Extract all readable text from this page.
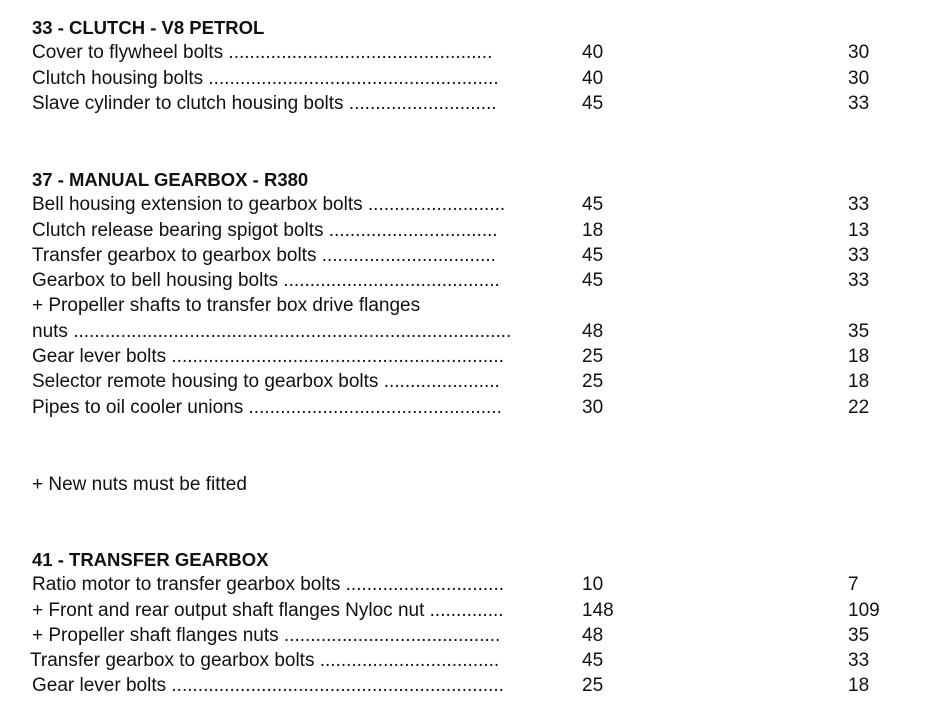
33 - CLUTCH - V8 PETROL
Cover to flywheel bolts ..................................................	40	30
Clutch housing bolts .......................................................	40	30
Slave cylinder to clutch housing bolts ............................	45	33
37 - MANUAL GEARBOX - R380
Bell housing extension to gearbox bolts ..........................	45	33
Clutch release bearing spigot bolts ................................	18	13
Transfer gearbox to gearbox bolts .................................	45	33
Gearbox to bell housing bolts .........................................	45	33
+ Propeller shafts to transfer box drive flanges
nuts ...................................................................................	48	35
Gear lever bolts ...............................................................	25	18
Selector remote housing to gearbox bolts ......................	25	18
Pipes to oil cooler unions ................................................	30	22
+ New nuts must be fitted
41 - TRANSFER GEARBOX
Ratio motor to transfer gearbox bolts ..............................	10	7
+ Front and rear output shaft flanges Nyloc nut ..............	148	109
+ Propeller shaft flanges nuts .........................................	48	35
Transfer gearbox to gearbox bolts ..................................	45	33
Gear lever bolts ...............................................................	25	18
